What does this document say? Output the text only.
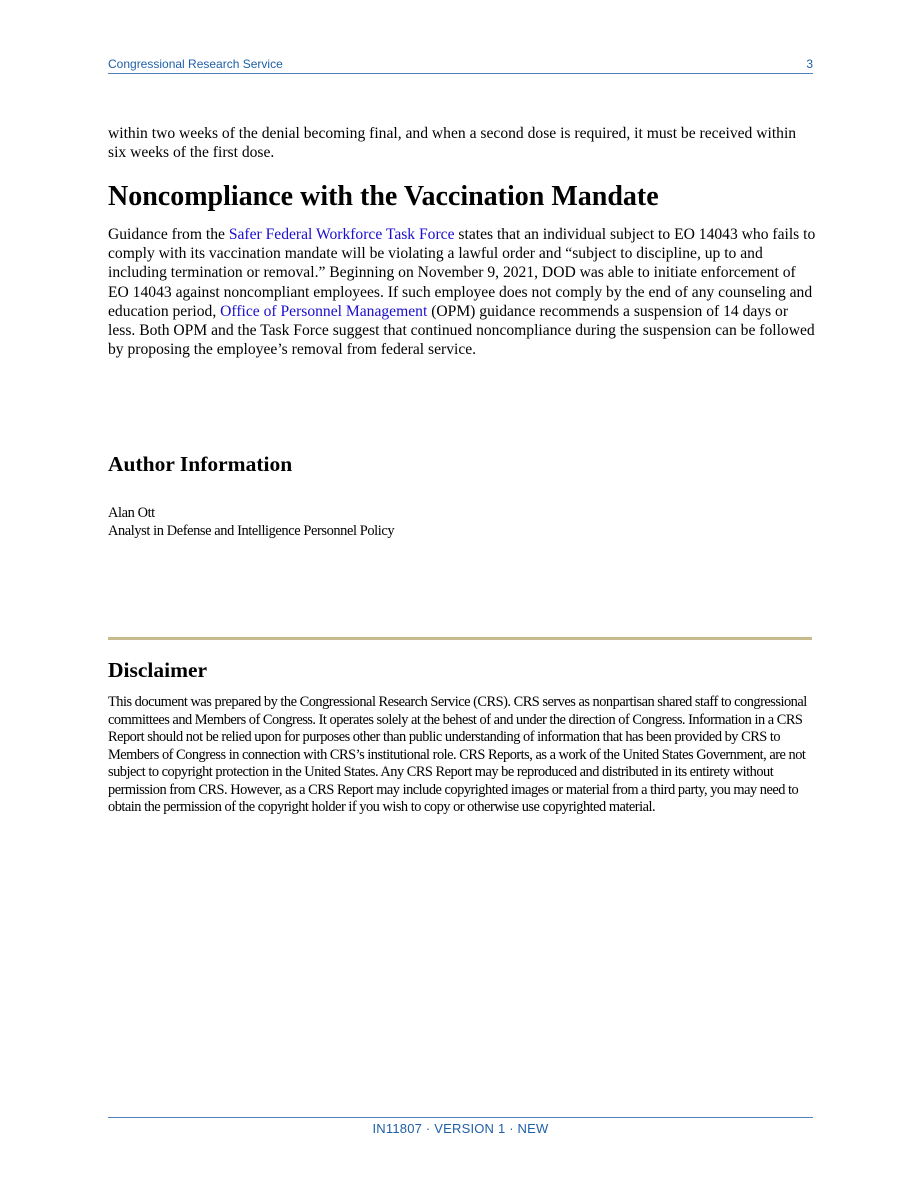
Congressional Research Service	3

within two weeks of the denial becoming final, and when a second dose is required, it must be received within six weeks of the first dose.

Noncompliance with the Vaccination Mandate

Guidance from the Safer Federal Workforce Task Force states that an individual subject to EO 14043 who fails to comply with its vaccination mandate will be violating a lawful order and “subject to discipline, up to and including termination or removal.” Beginning on November 9, 2021, DOD was able to initiate enforcement of EO 14043 against noncompliant employees. If such employee does not comply by the end of any counseling and education period, Office of Personnel Management (OPM) guidance recommends a suspension of 14 days or less. Both OPM and the Task Force suggest that continued noncompliance during the suspension can be followed by proposing the employee’s removal from federal service.

Author Information
Alan Ott
Analyst in Defense and Intelligence Personnel Policy
Disclaimer

This document was prepared by the Congressional Research Service (CRS). CRS serves as nonpartisan shared staff to congressional committees and Members of Congress. It operates solely at the behest of and under the direction of Congress. Information in a CRS Report should not be relied upon for purposes other than public understanding of information that has been provided by CRS to Members of Congress in connection with CRS’s institutional role. CRS Reports, as a work of the United States Government, are not subject to copyright protection in the United States. Any CRS Report may be reproduced and distributed in its entirety without permission from CRS. However, as a CRS Report may include copyrighted images or material from a third party, you may need to obtain the permission of the copyright holder if you wish to copy or otherwise use copyrighted material.

IN11807 · VERSION 1 · NEW
